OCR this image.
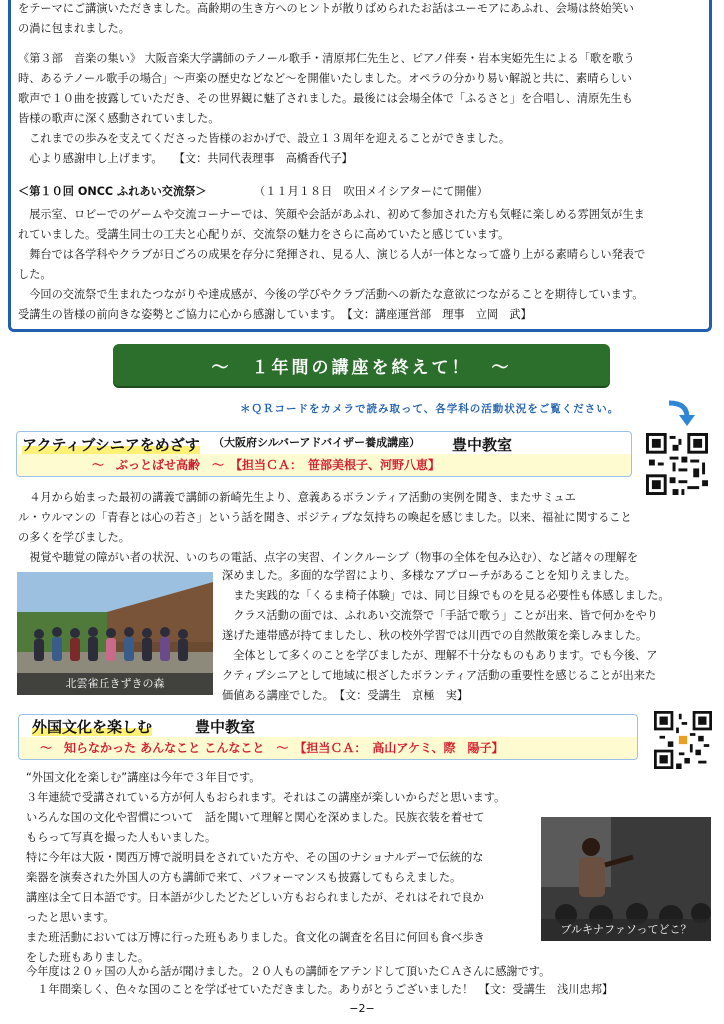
をテーマにご講演いただきました。高齢期の生き方へのヒントが散りばめられたお話はユーモアにあふれ、会場は終始笑い
の渦に包まれました。
《第３部　音楽の集い》 大阪音楽大学講師のテノール歌手・清原邦仁先生と、ピアノ伴奏・岩本実姫先生による「歌を歌う
時、あるテノール歌手の場合」〜声楽の歴史などなど〜を開催いたしました。オペラの分かり易い解説と共に、素晴らしい
歌声で１０曲を披露していただき、その世界観に魅了されました。最後には会場全体で「ふるさと」を合唱し、清原先生も
皆様の歌声に深く感動されていました。
　これまでの歩みを支えてくださった皆様のおかげで、設立１３周年を迎えることができました。
　心より感謝申し上げます。　　【文：共同代表理事　高橋香代子】
＜第１０回 ONCC ふれあい交流祭＞	（１１月１８日　吹田メイシアターにて開催）
　展示室、ロビーでのゲームや交流コーナーでは、笑顔や会話があふれ、初めて参加された方も気軽に楽しめる雰囲気が生ま
れていました。受講生同士の工夫と心配りが、交流祭の魅力をさらに高めていたと感じています。
　舞台では各学科やクラブが日ごろの成果を存分に発揮され、見る人、演じる人が一体となって盛り上がる素晴らしい発表で
した。
　今回の交流祭で生まれたつながりや達成感が、今後の学びやクラブ活動への新たな意欲につながることを期待しています。
受講生の皆様の前向きな姿勢とご協力に心から感謝しています。　【文：講座運営部　理事　立岡　武】
〜　１年間の講座を終えて！　〜
＊ＱＲコードをカメラで読み取って、各学科の活動状況をご覧ください。
アクティブシニアをめざす （大阪府シルバーアドバイザー養成講座） 豊中教室
〜　ぶっとばせ高齢　〜　【担当ＣＡ：　笹部美根子、河野八恵】
　４月から始まった最初の講義で講師の新崎先生より、意義あるボランティア活動の実例を聞き、またサミュエ
ル・ウルマンの「青春とは心の若さ」という話を聞き、ポジティブな気持ちの喚起を感じました。以来、福祉に関すること
の多くを学びました。
　視覚や聴覚の障がい者の状況、いのちの電話、点字の実習、インクルーシブ（物事の全体を包み込む）、など諸々の理解を
北雲雀丘きずきの森
深めました。多面的な学習により、多様なアプローチがあることを知りえました。
　また実践的な「くるま椅子体験」では、同じ目線でものを見る必要性も体感しました。
　クラス活動の面では、ふれあい交流祭で「手話で歌う」ことが出来、皆で何かをやり
遂げた連帯感が持てましたし、秋の校外学習では川西での自然散策を楽しみました。
　全体として多くのことを学びましたが、理解不十分なものもあります。でも今後、ア
クティブシニアとして地域に根ざしたボランティア活動の重要性を感じることが出来た
価値ある講座でした。　【文：受講生　京極　実】
外国文化を楽しむ	豊中教室
〜　知らなかった あんなこと こんなこと　〜　【担当ＣＡ：　高山アケミ、際　陽子】
“外国文化を楽しむ”講座は今年で３年目です。
３年連続で受講されている方が何人もおられます。それはこの講座が楽しいからだと思います。
いろんな国の文化や習慣について　話を聞いて理解と関心を深めました。民族衣装を着せて
もらって写真を撮った人もいました。
特に今年は大阪・関西万博で説明員をされていた方や、その国のナショナルデーで伝統的な
楽器を演奏された外国人の方も講師で来て、パフォーマンスも披露してもらえました。
講座は全て日本語です。日本語が少したどたどしい方もおられましたが、それはそれで良か
ったと思います。
また班活動においては万博に行った班もありました。食文化の調査を名目に何回も食べ歩き
をした班もありました。
ブルキナファソってどこ？
今年度は２０ヶ国の人から話が聞けました。２０人もの講師をアテンドして頂いたＣＡさんに感謝です。
　１年間楽しく、色々な国のことを学ばせていただきました。ありがとうございました！　【文：受講生　浅川忠邦】
−2−
